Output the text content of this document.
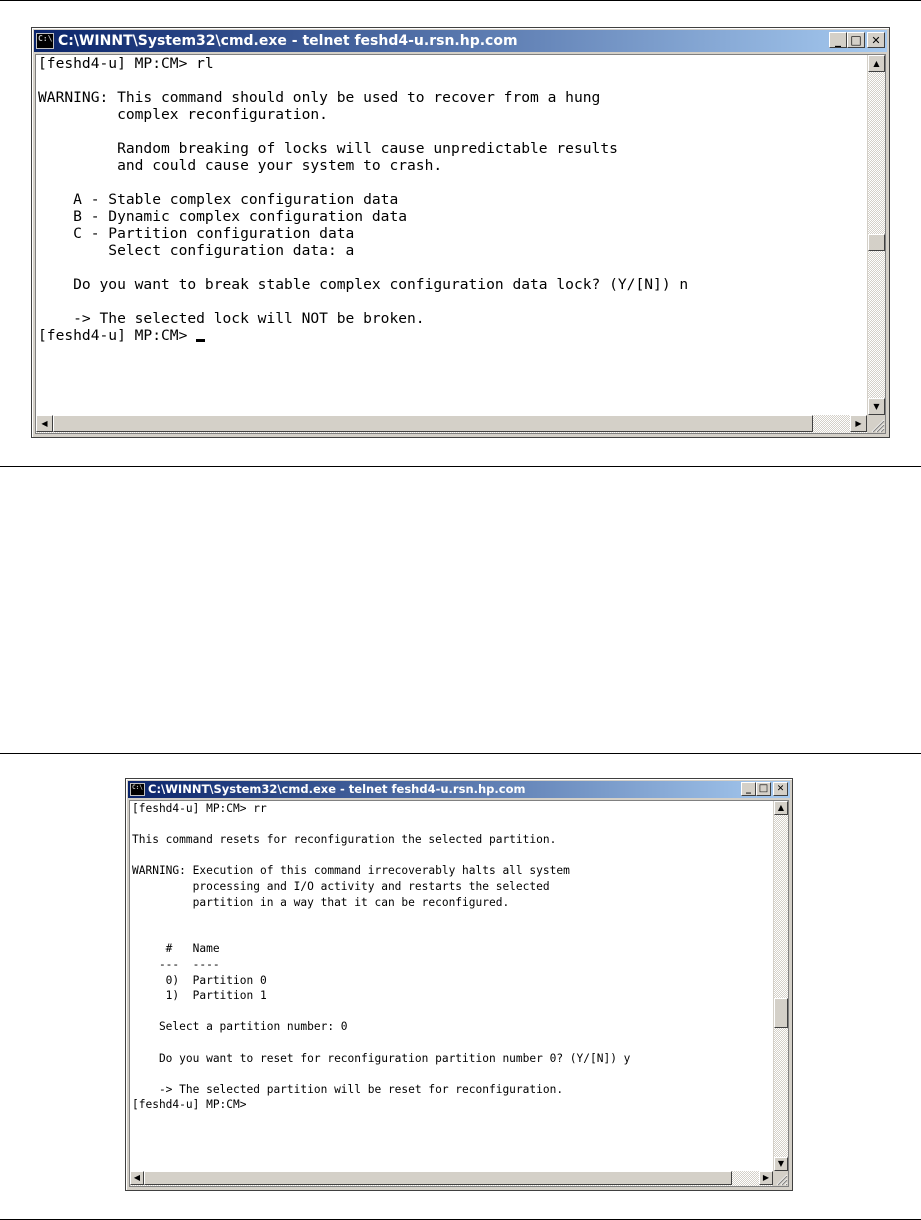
C:\ C:\WINNT\System32\cmd.exe - telnet feshd4-u.rsn.hp.com	_ □ ✕
[feshd4-u] MP:CM> rl

WARNING: This command should only be used to recover from a hung
complex reconfiguration.

Random breaking of locks will cause unpredictable results
and could cause your system to crash.

A - Stable complex configuration data
B - Dynamic complex configuration data
C - Partition configuration data
Select configuration data: a

Do you want to break stable complex configuration data lock? (Y/[N]) n

-> The selected lock will NOT be broken.
[feshd4-u] MP:CM>
▲
▼
◀	▶
C:\ C:\WINNT\System32\cmd.exe - telnet feshd4-u.rsn.hp.com	_ □ ✕
[feshd4-u] MP:CM> rr

This command resets for reconfiguration the selected partition.

WARNING: Execution of this command irrecoverably halts all system
processing and I/O activity and restarts the selected
partition in a way that it can be reconfigured.

#   Name
---  ----
0)  Partition 0
1)  Partition 1

Select a partition number: 0

Do you want to reset for reconfiguration partition number 0? (Y/[N]) y

-> The selected partition will be reset for reconfiguration.
[feshd4-u] MP:CM>
▲
▼
◀	▶
